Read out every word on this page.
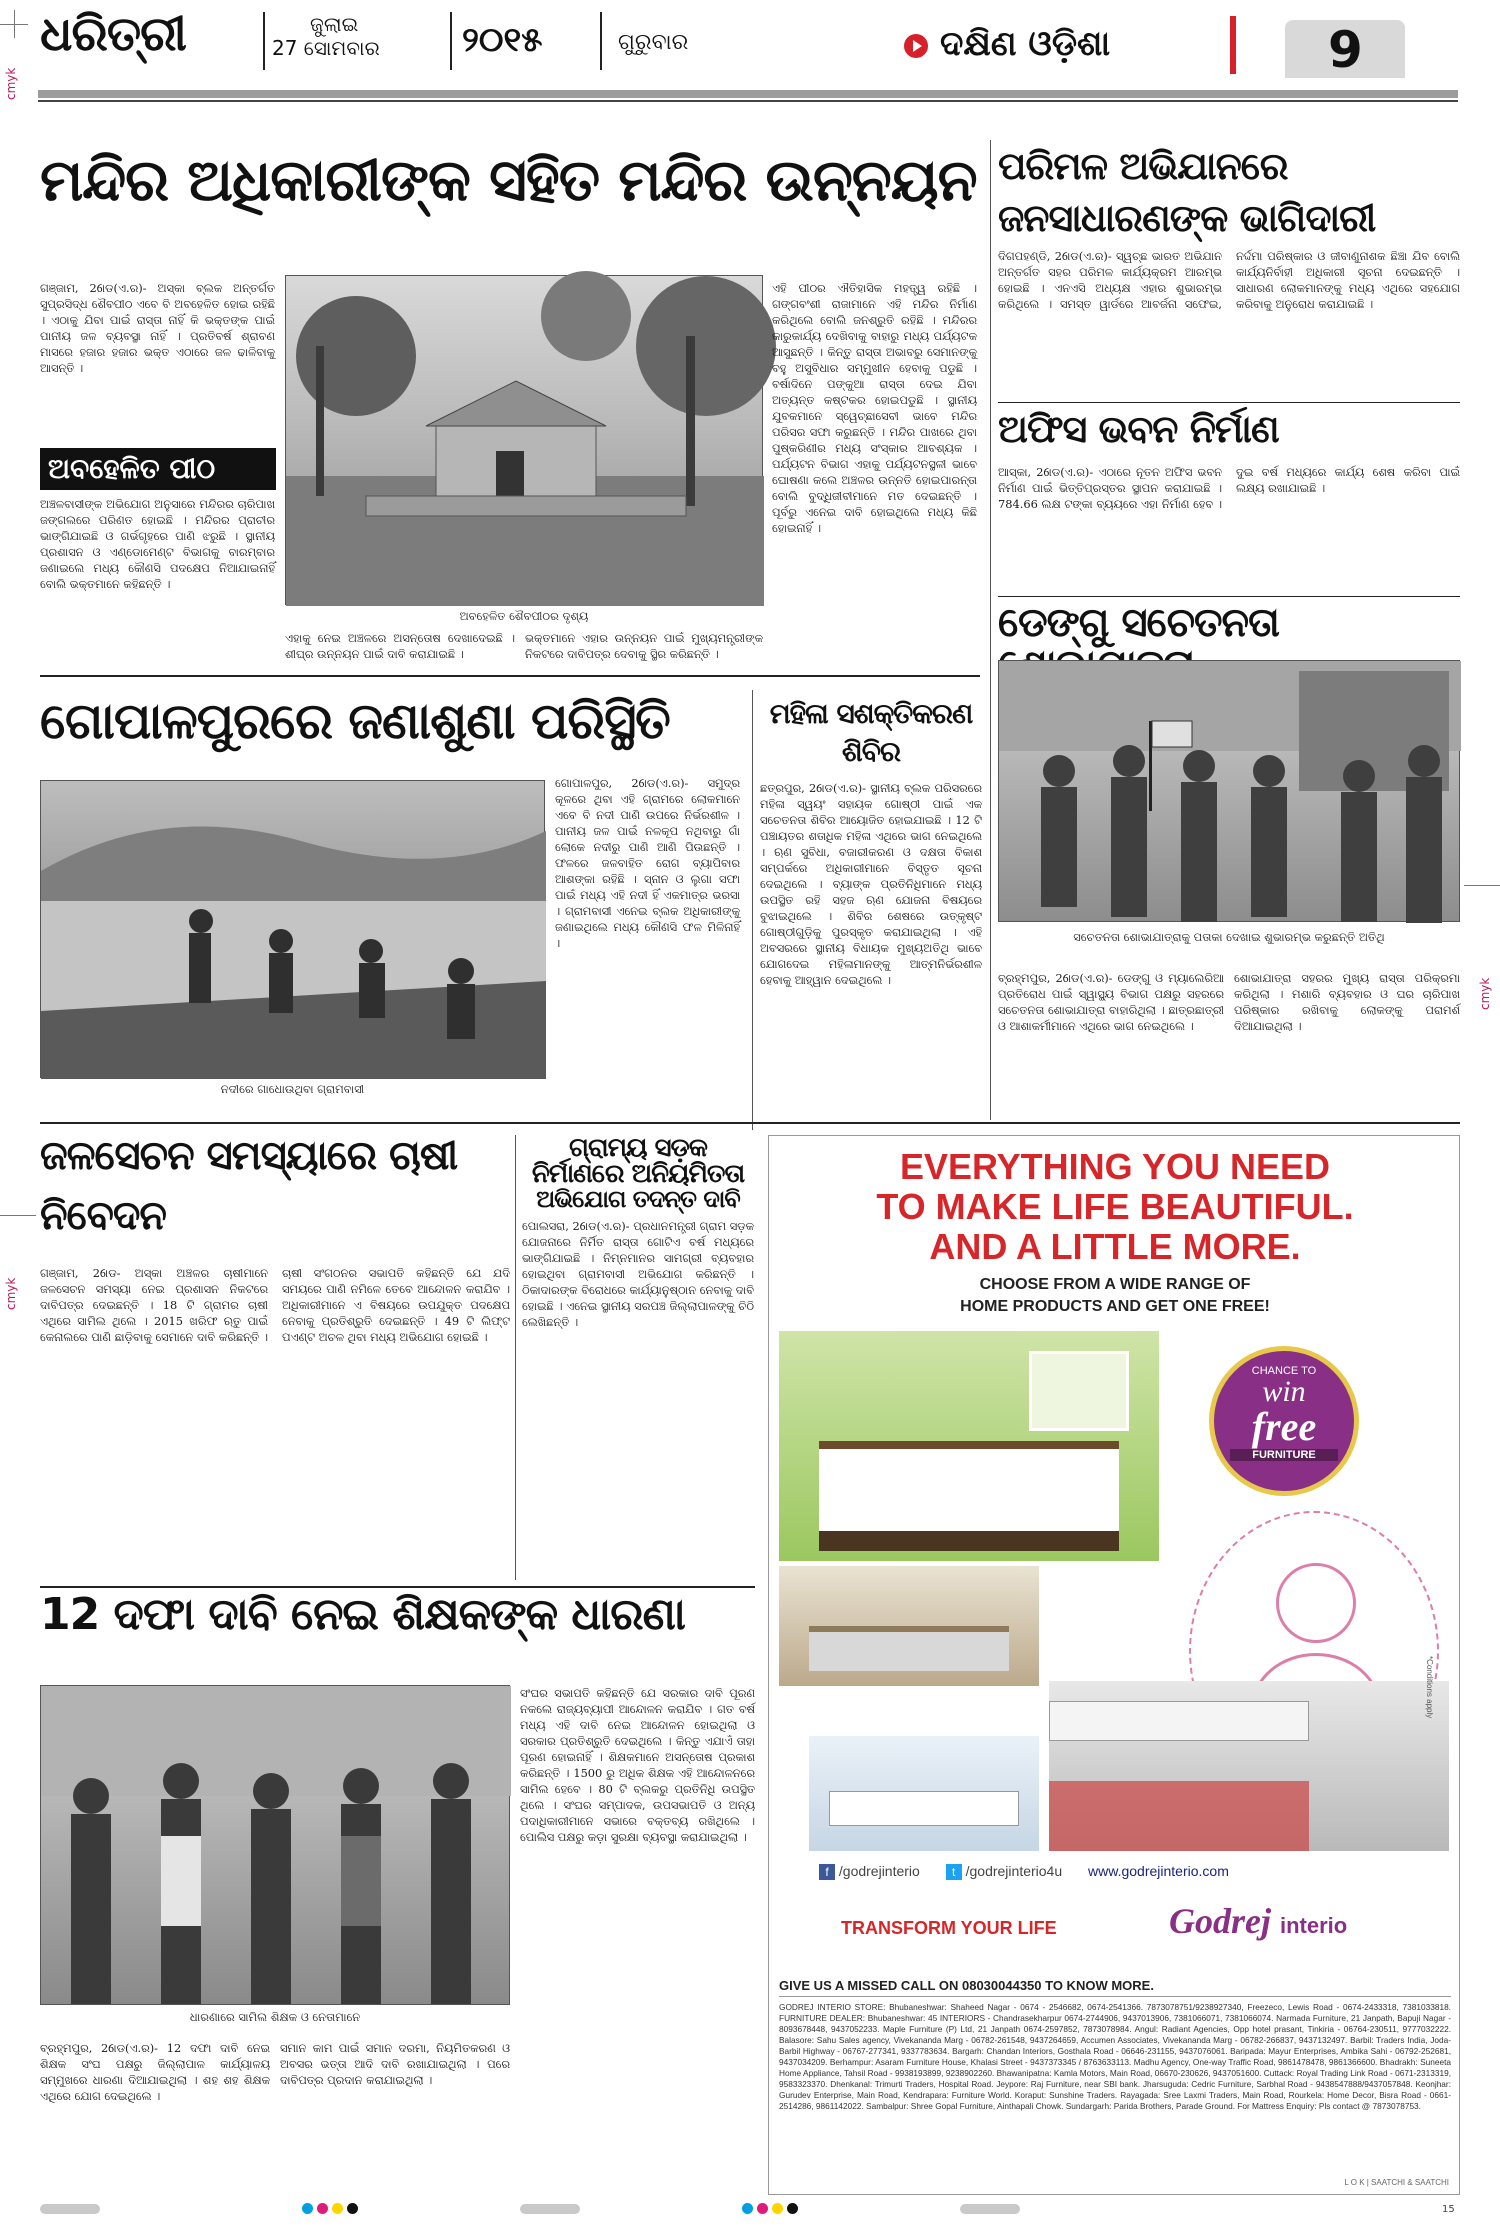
ଧରିତ୍ରୀ	ଜୁଲାଇ
27 ସୋମବାର	୨୦୧୫	ଗୁରୁବାର	ଦକ୍ଷିଣ ଓଡ଼ିଶା	9
cmyk
cmyk
cmyk
ମନ୍ଦିର ଅଧିକାରୀଙ୍କ ସହିତ ମନ୍ଦିର ଉନ୍ନୟନ
ଗଞ୍ଜାମ, 26ାଡ(ଏ.ର)- ଅସ୍କା ବ୍ଲକ ଅନ୍ତର୍ଗତ ସୁପ୍ରସିଦ୍ଧ ଶୈବପୀଠ ଏବେ ବି ଅବହେଳିତ ହୋଇ ରହିଛି । ଏଠାକୁ ଯିବା ପାଇଁ ରାସ୍ତା ନାହିଁ କି ଭକ୍ତଙ୍କ ପାଇଁ ପାନୀୟ ଜଳ ବ୍ୟବସ୍ଥା ନାହିଁ । ପ୍ରତିବର୍ଷ ଶ୍ରାବଣ ମାସରେ ହଜାର ହଜାର ଭକ୍ତ ଏଠାରେ ଜଳ ଢାଳିବାକୁ ଆସନ୍ତି ।
ଅବହେଳିତ ପୀଠ
ଅଞ୍ଚଳବାସୀଙ୍କ ଅଭିଯୋଗ ଅନୁସାରେ ମନ୍ଦିରର ଚାରିପାଖ ଜଙ୍ଗଲରେ ପରିଣତ ହୋଇଛି । ମନ୍ଦିରର ପ୍ରାଚୀର ଭାଙ୍ଗିଯାଇଛି ଓ ଗର୍ଭଗୃହରେ ପାଣି ଝରୁଛି । ସ୍ଥାନୀୟ ପ୍ରଶାସନ ଓ ଏଣ୍ଡୋମେଣ୍ଟ ବିଭାଗକୁ ବାରମ୍ବାର ଜଣାଇଲେ ମଧ୍ୟ କୌଣସି ପଦକ୍ଷେପ ନିଆଯାଇନାହିଁ ବୋଲି ଭକ୍ତମାନେ କହିଛନ୍ତି ।
ଅବହେଳିତ ଶୈବପୀଠର ଦୃଶ୍ୟ
ଏହାକୁ ନେଇ ଅଞ୍ଚଳରେ ଅସନ୍ତୋଷ ଦେଖାଦେଇଛି । ଶୀଘ୍ର ଉନ୍ନୟନ ପାଇଁ ଦାବି କରାଯାଇଛି ।
ଭକ୍ତମାନେ ଏହାର ଉନ୍ନୟନ ପାଇଁ ମୁଖ୍ୟମନ୍ତ୍ରୀଙ୍କ ନିକଟରେ ଦାବିପତ୍ର ଦେବାକୁ ସ୍ଥିର କରିଛନ୍ତି ।
ଏହି ପୀଠର ଐତିହାସିକ ମହତ୍ତ୍ୱ ରହିଛି । ଗଙ୍ଗବଂଶୀ ରାଜାମାନେ ଏହି ମନ୍ଦିର ନିର୍ମାଣ କରିଥିଲେ ବୋଲି ଜନଶ୍ରୁତି ରହିଛି । ମନ୍ଦିରର କାରୁକାର୍ଯ୍ୟ ଦେଖିବାକୁ ବାହାରୁ ମଧ୍ୟ ପର୍ଯ୍ୟଟକ ଆସୁଛନ୍ତି । କିନ୍ତୁ ରାସ୍ତା ଅଭାବରୁ ସେମାନଙ୍କୁ ବହୁ ଅସୁବିଧାର ସମ୍ମୁଖୀନ ହେବାକୁ ପଡୁଛି । ବର୍ଷାଦିନେ ପଙ୍କୁଆ ରାସ୍ତା ଦେଇ ଯିବା ଅତ୍ୟନ୍ତ କଷ୍ଟକର ହୋଇପଡୁଛି । ସ୍ଥାନୀୟ ଯୁବକମାନେ ସ୍ୱେଚ୍ଛାସେବୀ ଭାବେ ମନ୍ଦିର ପରିସର ସଫା କରୁଛନ୍ତି । ମନ୍ଦିର ପାଖରେ ଥିବା ପୁଷ୍କରିଣୀର ମଧ୍ୟ ସଂସ୍କାର ଆବଶ୍ୟକ । ପର୍ଯ୍ୟଟନ ବିଭାଗ ଏହାକୁ ପର୍ଯ୍ୟଟନସ୍ଥଳୀ ଭାବେ ଘୋଷଣା କଲେ ଅଞ୍ଚଳର ଉନ୍ନତି ହୋଇପାରନ୍ତା ବୋଲି ବୁଦ୍ଧିଜୀବୀମାନେ ମତ ଦେଇଛନ୍ତି । ପୂର୍ବରୁ ଏନେଇ ଦାବି ହୋଇଥିଲେ ମଧ୍ୟ କିଛି ହୋଇନାହିଁ ।
ପରିମଳ ଅଭିଯାନରେ ଜନସାଧାରଣଙ୍କ ଭାଗିଦାରୀ
ଦିଗପହଣ୍ଡି, 26ାଡ(ଏ.ର)- ସ୍ୱଚ୍ଛ ଭାରତ ଅଭିଯାନ ଅନ୍ତର୍ଗତ ସହର ପରିମଳ କାର୍ଯ୍ୟକ୍ରମ ଆରମ୍ଭ ହୋଇଛି । ଏନଏସି ଅଧ୍ୟକ୍ଷ ଏହାର ଶୁଭାରମ୍ଭ କରିଥିଲେ । ସମସ୍ତ ୱାର୍ଡରେ ଆବର୍ଜନା ସଫେଇ, ନର୍ଦ୍ଦମା ପରିଷ୍କାର ଓ ଜୀବାଣୁନାଶକ ଛିଞ୍ଚା ଯିବ ବୋଲି କାର୍ଯ୍ୟନିର୍ବାହୀ ଅଧିକାରୀ ସୂଚନା ଦେଇଛନ୍ତି । ସାଧାରଣ ଲୋକମାନଙ୍କୁ ମଧ୍ୟ ଏଥିରେ ସହଯୋଗ କରିବାକୁ ଅନୁରୋଧ କରାଯାଇଛି ।
ଅଫିସ ଭବନ ନିର୍ମାଣ
ଆସ୍କା, 26ାଡ(ଏ.ର)- ଏଠାରେ ନୂତନ ଅଫିସ ଭବନ ନିର୍ମାଣ ପାଇଁ ଭିତ୍ତିପ୍ରସ୍ତର ସ୍ଥାପନ କରାଯାଇଛି । 784.66 ଲକ୍ଷ ଟଙ୍କା ବ୍ୟୟରେ ଏହା ନିର୍ମାଣ ହେବ । ଦୁଇ ବର୍ଷ ମଧ୍ୟରେ କାର୍ଯ୍ୟ ଶେଷ କରିବା ପାଇଁ ଲକ୍ଷ୍ୟ ରଖାଯାଇଛି ।
ଡେଙ୍ଗୁ ସଚେତନତା
ସଚେତନତା ଶୋଭାଯାତ୍ରାକୁ ପତାକା ଦେଖାଇ ଶୁଭାରମ୍ଭ କରୁଛନ୍ତି ଅତିଥି
ବ୍ରହ୍ମପୁର, 26ାଡ(ଏ.ର)- ଡେଙ୍ଗୁ ଓ ମ୍ୟାଲେରିଆ ପ୍ରତିରୋଧ ପାଇଁ ସ୍ୱାସ୍ଥ୍ୟ ବିଭାଗ ପକ୍ଷରୁ ସହରରେ ସଚେତନତା ଶୋଭାଯାତ୍ରା ବାହାରିଥିଲା । ଛାତ୍ରଛାତ୍ରୀ ଓ ଆଶାକର୍ମୀମାନେ ଏଥିରେ ଭାଗ ନେଇଥିଲେ ।
ଶୋଭାଯାତ୍ରା ସହରର ମୁଖ୍ୟ ରାସ୍ତା ପରିକ୍ରମା କରିଥିଲା । ମଶାରି ବ୍ୟବହାର ଓ ଘର ଚାରିପାଖ ପରିଷ୍କାର ରଖିବାକୁ ଲୋକଙ୍କୁ ପରାମର୍ଶ ଦିଆଯାଇଥିଲା ।
ଗୋପାଳପୁରରେ ଜଣାଶୁଣା ପରିସ୍ଥିତି
ନଦୀରେ ଗାଧୋଉଥିବା ଗ୍ରାମବାସୀ
ଗୋପାଳପୁର, 26ାଡ(ଏ.ର)- ସମୁଦ୍ର କୂଳରେ ଥିବା ଏହି ଗ୍ରାମରେ ଲୋକମାନେ ଏବେ ବି ନଦୀ ପାଣି ଉପରେ ନିର୍ଭରଶୀଳ । ପାନୀୟ ଜଳ ପାଇଁ ନଳକୂପ ନଥିବାରୁ ଗାଁ ଲୋକେ ନଦୀରୁ ପାଣି ଆଣି ପିଉଛନ୍ତି । ଫଳରେ ଜଳବାହିତ ରୋଗ ବ୍ୟାପିବାର ଆଶଙ୍କା ରହିଛି । ସ୍ନାନ ଓ ଲୁଗା ସଫା ପାଇଁ ମଧ୍ୟ ଏହି ନଦୀ ହିଁ ଏକମାତ୍ର ଭରସା । ଗ୍ରାମବାସୀ ଏନେଇ ବ୍ଲକ ଅଧିକାରୀଙ୍କୁ ଜଣାଇଥିଲେ ମଧ୍ୟ କୌଣସି ଫଳ ମିଳିନାହିଁ ।
ମହିଳା ସଶକ୍ତିକରଣ ଶିବିର
ଛତ୍ରପୁର, 26ାଡ(ଏ.ର)- ସ୍ଥାନୀୟ ବ୍ଲକ ପରିସରରେ ମହିଳା ସ୍ୱୟଂ ସହାୟକ ଗୋଷ୍ଠୀ ପାଇଁ ଏକ ସଚେତନତା ଶିବିର ଆୟୋଜିତ ହୋଇଯାଇଛି । 12 ଟି ପଞ୍ଚାୟତର ଶତାଧିକ ମହିଳା ଏଥିରେ ଭାଗ ନେଇଥିଲେ । ଋଣ ସୁବିଧା, ବଜାରୀକରଣ ଓ ଦକ୍ଷତା ବିକାଶ ସମ୍ପର୍କରେ ଅଧିକାରୀମାନେ ବିସ୍ତୃତ ସୂଚନା ଦେଇଥିଲେ । ବ୍ୟାଙ୍କ ପ୍ରତିନିଧିମାନେ ମଧ୍ୟ ଉପସ୍ଥିତ ରହି ସହଜ ଋଣ ଯୋଜନା ବିଷୟରେ ବୁଝାଇଥିଲେ । ଶିବିର ଶେଷରେ ଉତ୍କୃଷ୍ଟ ଗୋଷ୍ଠୀଗୁଡ଼ିକୁ ପୁରସ୍କୃତ କରାଯାଇଥିଲା । ଏହି ଅବସରରେ ସ୍ଥାନୀୟ ବିଧାୟକ ମୁଖ୍ୟଅତିଥି ଭାବେ ଯୋଗଦେଇ ମହିଳାମାନଙ୍କୁ ଆତ୍ମନିର୍ଭରଶୀଳ ହେବାକୁ ଆହ୍ୱାନ ଦେଇଥିଲେ ।
ଜଳସେଚନ ସମସ୍ୟାରେ ଚାଷୀ
ନିବେଦନ
ଗଞ୍ଜାମ, 26ାଡ- ଅସ୍କା ଅଞ୍ଚଳର ଚାଷୀମାନେ ଜଳସେଚନ ସମସ୍ୟା ନେଇ ପ୍ରଶାସନ ନିକଟରେ ଦାବିପତ୍ର ଦେଇଛନ୍ତି । 18 ଟି ଗ୍ରାମର ଚାଷୀ ଏଥିରେ ସାମିଲ ଥିଲେ । 2015 ଖରିଫ ଋତୁ ପାଇଁ କେନାଲରେ ପାଣି ଛାଡ଼ିବାକୁ ସେମାନେ ଦାବି କରିଛନ୍ତି । ଚାଷୀ ସଂଗଠନର ସଭାପତି କହିଛନ୍ତି ଯେ ଯଦି ସମୟରେ ପାଣି ନମିଳେ ତେବେ ଆନ୍ଦୋଳନ କରାଯିବ । ଅଧିକାରୀମାନେ ଏ ବିଷୟରେ ଉପଯୁକ୍ତ ପଦକ୍ଷେପ ନେବାକୁ ପ୍ରତିଶ୍ରୁତି ଦେଇଛନ୍ତି । 49 ଟି ଲିଫ୍ଟ ପଏଣ୍ଟ ଅଚଳ ଥିବା ମଧ୍ୟ ଅଭିଯୋଗ ହୋଇଛି ।
ଗ୍ରାମ୍ୟ ସଡ଼କ ନିର୍ମାଣରେ ଅନିୟମିତତା
ଅଭିଯୋଗ ତଦନ୍ତ ଦାବି
ପୋଲସରା, 26ାଡ(ଏ.ର)- ପ୍ରଧାନମନ୍ତ୍ରୀ ଗ୍ରାମ ସଡ଼କ ଯୋଜନାରେ ନିର୍ମିତ ରାସ୍ତା ଗୋଟିଏ ବର୍ଷ ମଧ୍ୟରେ ଭାଙ୍ଗିଯାଇଛି । ନିମ୍ନମାନର ସାମଗ୍ରୀ ବ୍ୟବହାର ହୋଇଥିବା ଗ୍ରାମବାସୀ ଅଭିଯୋଗ କରିଛନ୍ତି । ଠିକାଦାରଙ୍କ ବିରୋଧରେ କାର୍ଯ୍ୟାନୁଷ୍ଠାନ ନେବାକୁ ଦାବି ହୋଇଛି । ଏନେଇ ସ୍ଥାନୀୟ ସରପଞ୍ଚ ଜିଲ୍ଲାପାଳଙ୍କୁ ଚିଠି ଲେଖିଛନ୍ତି ।
12 ଦଫା ଦାବି ନେଇ ଶିକ୍ଷକଙ୍କ ଧାରଣା
ଧାରଣାରେ ସାମିଲ ଶିକ୍ଷକ ଓ ନେତାମାନେ
ବ୍ରହ୍ମପୁର, 26ାଡ(ଏ.ର)- 12 ଦଫା ଦାବି ନେଇ ଶିକ୍ଷକ ସଂଘ ପକ୍ଷରୁ ଜିଲ୍ଲାପାଳ କାର୍ଯ୍ୟାଳୟ ସମ୍ମୁଖରେ ଧାରଣା ଦିଆଯାଇଥିଲା । ଶହ ଶହ ଶିକ୍ଷକ ଏଥିରେ ଯୋଗ ଦେଇଥିଲେ ।
ସମାନ କାମ ପାଇଁ ସମାନ ଦରମା, ନିୟମିତକରଣ ଓ ଅବସର ଭତ୍ତା ଆଦି ଦାବି ରଖାଯାଇଥିଲା । ପରେ ଦାବିପତ୍ର ପ୍ରଦାନ କରାଯାଇଥିଲା ।
ସଂଘର ସଭାପତି କହିଛନ୍ତି ଯେ ସରକାର ଦାବି ପୂରଣ ନକଲେ ରାଜ୍ୟବ୍ୟାପୀ ଆନ୍ଦୋଳନ କରାଯିବ । ଗତ ବର୍ଷ ମଧ୍ୟ ଏହି ଦାବି ନେଇ ଆନ୍ଦୋଳନ ହୋଇଥିଲା ଓ ସରକାର ପ୍ରତିଶ୍ରୁତି ଦେଇଥିଲେ । କିନ୍ତୁ ଏଯାଏଁ ତାହା ପୂରଣ ହୋଇନାହିଁ । ଶିକ୍ଷକମାନେ ଅସନ୍ତୋଷ ପ୍ରକାଶ କରିଛନ୍ତି । 1500 ରୁ ଅଧିକ ଶିକ୍ଷକ ଏହି ଆନ୍ଦୋଳନରେ ସାମିଲ ହେବେ । 80 ଟି ବ୍ଲକରୁ ପ୍ରତିନିଧି ଉପସ୍ଥିତ ଥିଲେ । ସଂଘର ସମ୍ପାଦକ, ଉପସଭାପତି ଓ ଅନ୍ୟ ପଦାଧିକାରୀମାନେ ସଭାରେ ବକ୍ତବ୍ୟ ରଖିଥିଲେ । ପୋଲିସ ପକ୍ଷରୁ କଡ଼ା ସୁରକ୍ଷା ବ୍ୟବସ୍ଥା କରାଯାଇଥିଲା ।
EVERYTHING YOU NEED
TO MAKE LIFE BEAUTIFUL.
AND A LITTLE MORE.
CHOOSE FROM A WIDE RANGE OF
HOME PRODUCTS AND GET ONE FREE!
CHANCE TO
win
free
FURNITURE
*Conditions apply
f /godrejinterio	t /godrejinterio4u www.godrejinterio.com
TRANSFORM YOUR LIFE	Godrej interio
GIVE US A MISSED CALL ON 08030044350 TO KNOW MORE.
GODREJ INTERIO STORE: Bhubaneshwar: Shaheed Nagar - 0674 - 2546682, 0674-2541366. 7873078751/9238927340, Freezeco, Lewis Road - 0674-2433318, 7381033818. FURNITURE DEALER: Bhubaneshwar: 45 INTERIORS - Chandrasekharpur 0674-2744906, 9437013906, 7381066071, 7381066074. Narmada Furniture, 21 Janpath, Bapuji Nagar - 8093678448, 9437052233. Maple Furniture (P) Ltd, 21 Janpath 0674-2597852, 7873078984. Angul: Radiant Agencies, Opp hotel prasant, Tinkiria - 06764-230511, 9777032222. Balasore: Sahu Sales agency, Vivekananda Marg - 06782-261548, 9437264659, Accumen Associates, Vivekananda Marg - 06782-266837, 9437132497. Barbil: Traders India, Joda-Barbil Highway - 06767-277341, 9337783634. Bargarh: Chandan Interiors, Gosthala Road - 06646-231155, 9437076061. Baripada: Mayur Enterprises, Ambika Sahi - 06792-252681, 9437034209. Berhampur: Asaram Furniture House, Khalasi Street - 9437373345 / 8763633113. Madhu Agency, One-way Traffic Road, 9861478478, 9861366600. Bhadrakh: Suneeta Home Appliance, Tahsil Road - 9938193899, 9238902260. Bhawanipatna: Kamla Motors, Main Road, 06670-230626, 9437051600. Cuttack: Royal Trading Link Road - 0671-2313319, 9583323370. Dhenkanal: Trimurti Traders, Hospital Road. Jeypore: Raj Furniture, near SBI bank. Jharsuguda: Cedric Furniture, Sarbhal Road - 9438547888/9437057848. Keonjhar: Gurudev Enterprise, Main Road, Kendrapara: Furniture World. Koraput: Sunshine Traders. Rayagada: Sree Laxmi Traders, Main Road, Rourkela: Home Decor, Bisra Road - 0661-2514286, 9861142022. Sambalpur: Shree Gopal Furniture, Ainthapali Chowk. Sundargarh: Parida Brothers, Parade Ground. For Mattress Enquiry: Pls contact @ 7873078753.
L O K | SAATCHI & SAATCHI

15
